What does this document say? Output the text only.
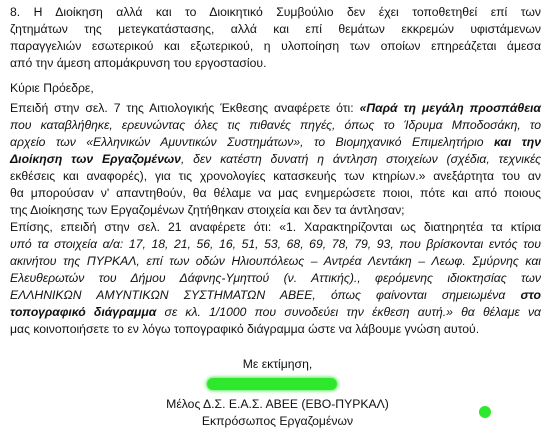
8. Η Διοίκηση αλλά και το Διοικητικό Συμβούλιο δεν έχει τοποθετηθεί επί των
ζητημάτων της μετεγκατάστασης, αλλά και επί θεμάτων εκκρεμών υφιστάμενων
παραγγελιών εσωτερικού και εξωτερικού, η υλοποίηση των οποίων επηρεάζεται άμεσα
από την άμεση απομάκρυνση του εργοστασίου.
Κύριε Πρόεδρε,
Επειδή στην σελ. 7 της Αιτιολογικής Έκθεσης αναφέρετε ότι: «Παρά τη μεγάλη προσπάθεια
που καταβλήθηκε, ερευνώντας όλες τις πιθανές πηγές, όπως το Ίδρυμα Μποδοσάκη, το
αρχείο των «Ελληνικών Αμυντικών Συστημάτων», το Βιομηχανικό Επιμελητήριο και την
Διοίκηση των Εργαζομένων, δεν κατέστη δυνατή η άντληση στοιχείων (σχέδια, τεχνικές
εκθέσεις και αναφορές), για τις χρονολογίες κατασκευής των κτηρίων.» ανεξάρτητα του αν
θα μπορούσαν ν' απαντηθούν, θα θέλαμε να μας ενημερώσετε ποιοι, πότε και από ποιους
της Διοίκησης των Εργαζομένων ζητήθηκαν στοιχεία και δεν τα άντλησαν;
Επίσης, επειδή στην σελ. 21 αναφέρετε ότι: «1. Χαρακτηρίζονται ως διατηρητέα τα κτίρια
υπό τα στοιχεία α/α: 17, 18, 21, 56, 16, 51, 53, 68, 69, 78, 79, 93, που βρίσκονται εντός του
ακινήτου της ΠΥΡΚΑΛ, επί των οδών Ηλιουπόλεως – Αντρέα Λεντάκη – Λεωφ. Σμύρνης και
Ελευθερωτών του Δήμου Δάφνης-Υμηττού (ν. Αττικής)., φερόμενης ιδιοκτησίας των
ΕΛΛΗΝΙΚΩΝ ΑΜΥΝΤΙΚΩΝ ΣΥΣΤΗΜΑΤΩΝ ΑΒΕΕ, όπως φαίνονται σημειωμένα στο
τοπογραφικό διάγραμμα σε κλ. 1/1000 που συνοδεύει την έκθεση αυτή.» θα θέλαμε να
μας κοινοποιήσετε το εν λόγω τοπογραφικό διάγραμμα ώστε να λάβουμε γνώση αυτού.
Με εκτίμηση,
Μέλος Δ.Σ. Ε.Α.Σ. ΑΒΕΕ (ΕΒΟ-ΠΥΡΚΑΛ)
Εκπρόσωπος Εργαζομένων
